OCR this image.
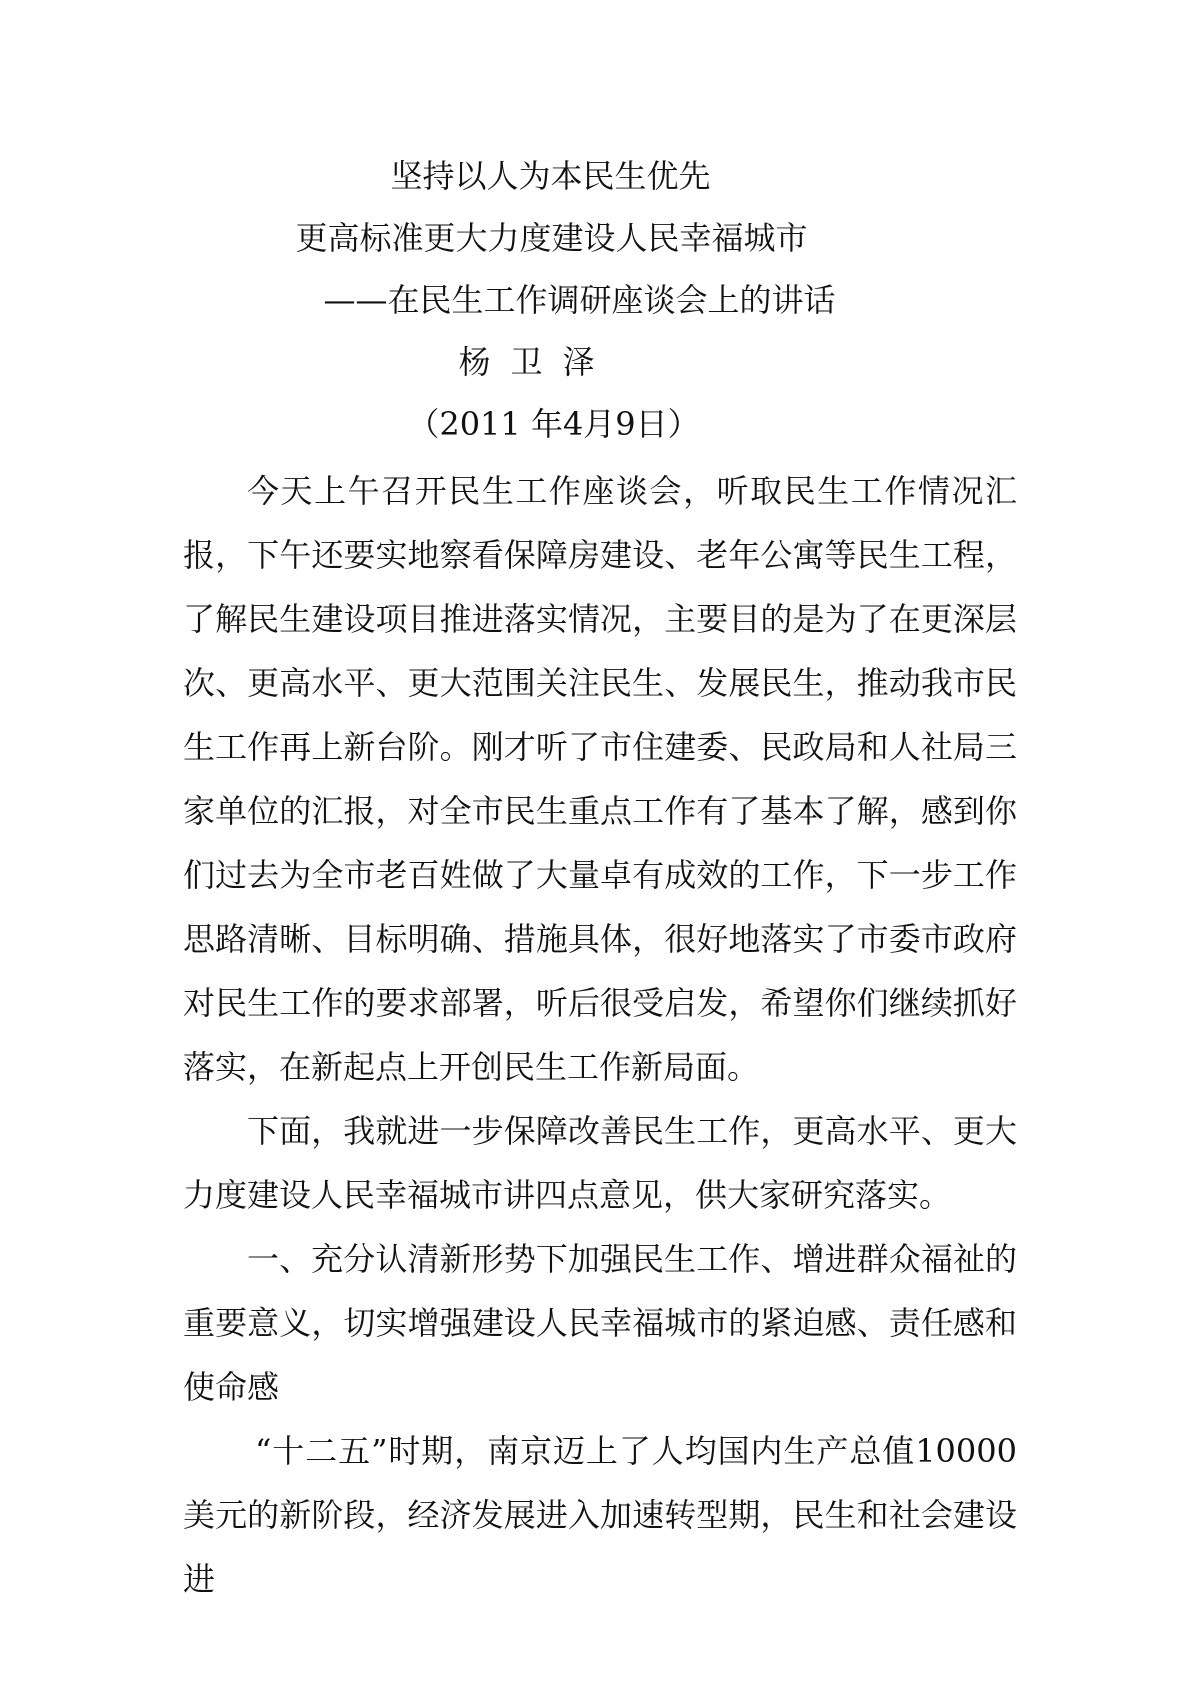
坚持以人为本民生优先
更高标准更大力度建设人民幸福城市
——在民生工作调研座谈会上的讲话
杨卫泽
（2011 年4月9日）

今天上午召开民生工作座谈会，听取民生工作情况汇报，下午还要实地察看保障房建设、老年公寓等民生工程，了解民生建设项目推进落实情况，主要目的是为了在更深层次、更高水平、更大范围关注民生、发展民生，推动我市民生工作再上新台阶。刚才听了市住建委、民政局和人社局三家单位的汇报，对全市民生重点工作有了基本了解，感到你们过去为全市老百姓做了大量卓有成效的工作，下一步工作思路清晰、目标明确、措施具体，很好地落实了市委市政府对民生工作的要求部署，听后很受启发，希望你们继续抓好落实，在新起点上开创民生工作新局面。

下面，我就进一步保障改善民生工作，更高水平、更大力度建设人民幸福城市讲四点意见，供大家研究落实。

一、充分认清新形势下加强民生工作、增进群众福祉的重要意义，切实增强建设人民幸福城市的紧迫感、责任感和使命感

“十二五”时期，南京迈上了人均国内生产总值10000 美元的新阶段，经济发展进入加速转型期，民生和社会建设进
